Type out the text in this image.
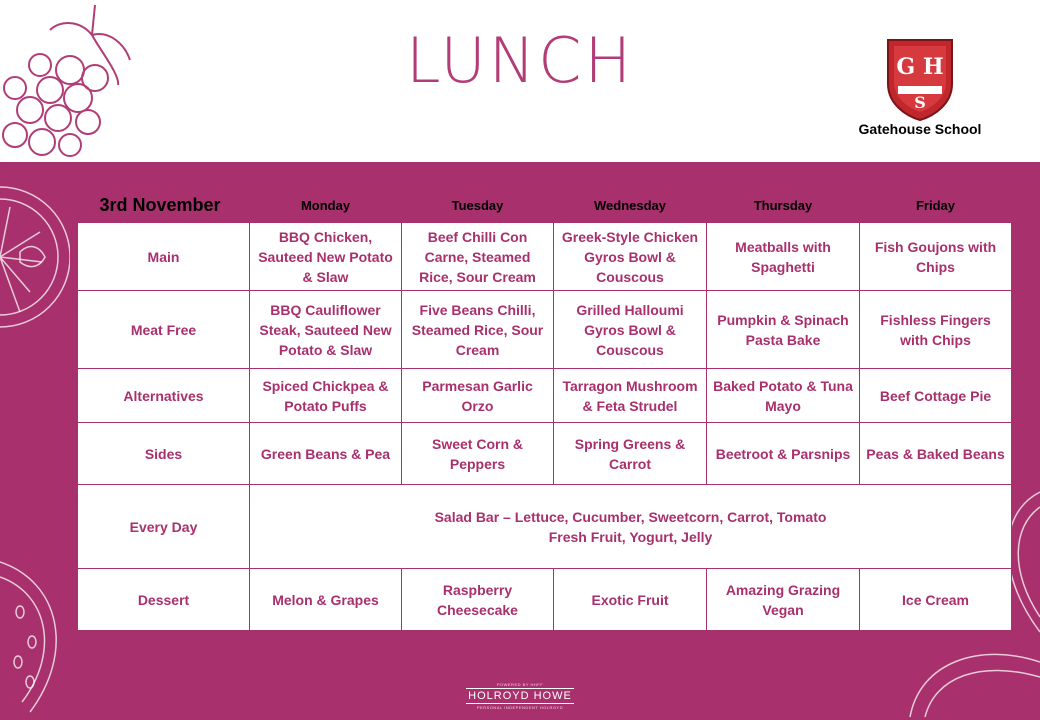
LUNCH	G H
S
Gatehouse School
3rd November	Monday	Tuesday	Wednesday	Thursday	Friday
Main	BBQ Chicken, Sauteed New Potato & Slaw	Beef Chilli Con Carne, Steamed Rice, Sour Cream	Greek-Style Chicken Gyros Bowl & Couscous	Meatballs with Spaghetti	Fish Goujons with Chips
Meat Free	BBQ Cauliflower Steak, Sauteed New Potato & Slaw	Five Beans Chilli, Steamed Rice, Sour Cream	Grilled Halloumi Gyros Bowl & Couscous	Pumpkin & Spinach Pasta Bake	Fishless Fingers with Chips
Alternatives	Spiced Chickpea & Potato Puffs	Parmesan Garlic Orzo	Tarragon Mushroom & Feta Strudel	Baked Potato & Tuna Mayo	Beef Cottage Pie
Sides	Green Beans & Pea	Sweet Corn & Peppers	Spring Greens & Carrot	Beetroot & Parsnips	Peas & Baked Beans
Every Day	Salad Bar – Lettuce, Cucumber, Sweetcorn, Carrot, Tomato
Fresh Fruit, Yogurt, Jelly				

Dessert	Melon & Grapes	Raspberry Cheesecake	Exotic Fruit	Amazing Grazing Vegan	Ice Cream
POWERED BY HHFF
HOLROYD HOWE
PERSONAL INDEPENDENT HOLROYD
